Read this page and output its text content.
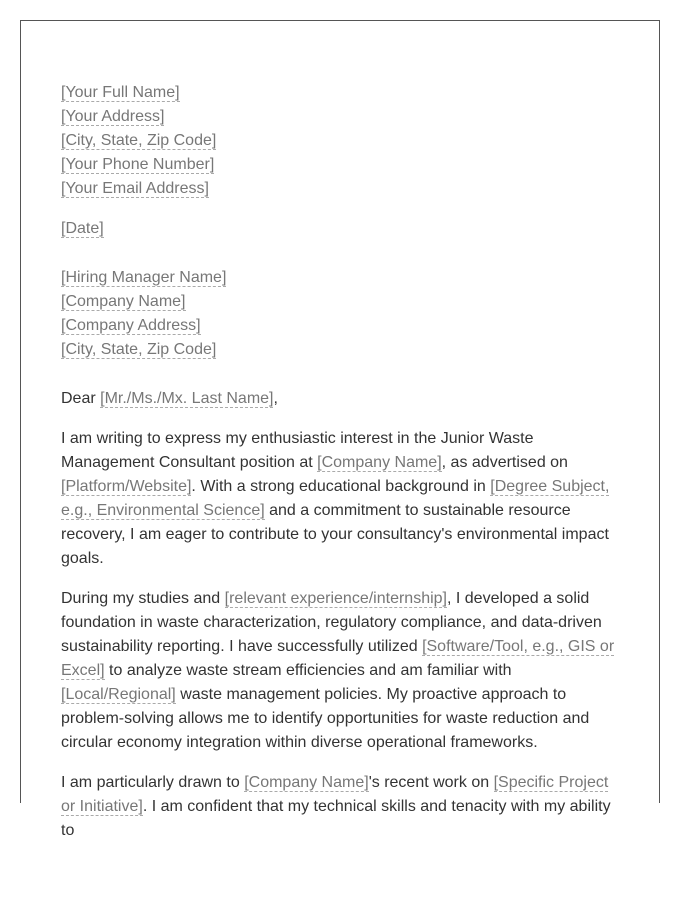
[Your Full Name]
[Your Address]
[City, State, Zip Code]
[Your Phone Number]
[Your Email Address]
[Date]
[Hiring Manager Name]
[Company Name]
[Company Address]
[City, State, Zip Code]
Dear [Mr./Ms./Mx. Last Name],

I am writing to express my enthusiastic interest in the Junior Waste Management Consultant position at [Company Name], as advertised on [Platform/Website]. With a strong educational background in [Degree Subject, e.g., Environmental Science] and a commitment to sustainable resource recovery, I am eager to contribute to your consultancy's environmental impact goals.

During my studies and [relevant experience/internship], I developed a solid foundation in waste characterization, regulatory compliance, and data-driven sustainability reporting. I have successfully utilized [Software/Tool, e.g., GIS or Excel] to analyze waste stream efficiencies and am familiar with [Local/Regional] waste management policies. My proactive approach to problem-solving allows me to identify opportunities for waste reduction and circular economy integration within diverse operational frameworks.

I am particularly drawn to [Company Name]'s recent work on [Specific Project or Initiative]. I am confident that my technical skills and tenacity with my ability to
